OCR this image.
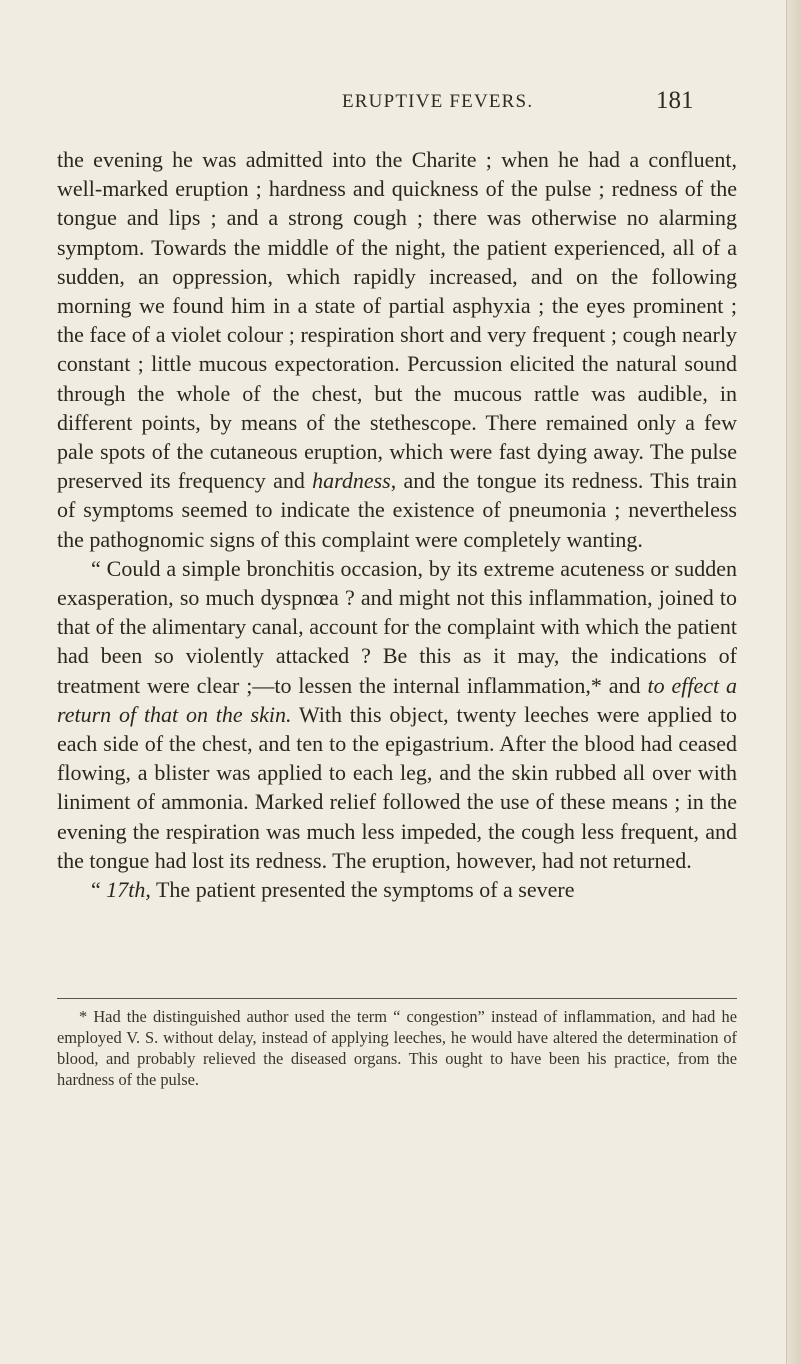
ERUPTIVE FEVERS.	181

the evening he was admitted into the Charite ; when he had a confluent, well-marked eruption ; hardness and quickness of the pulse ; redness of the tongue and lips ; and a strong cough ; there was otherwise no alarming symptom. Towards the middle of the night, the patient experienced, all of a sudden, an oppression, which rapidly increased, and on the following morning we found him in a state of partial asphyxia ; the eyes prominent ; the face of a violet colour ; respiration short and very frequent ; cough nearly constant ; little mucous expectoration. Percussion elicited the natural sound through the whole of the chest, but the mucous rattle was audible, in different points, by means of the stethescope. There remained only a few pale spots of the cutaneous eruption, which were fast dying away. The pulse preserved its frequency and hardness, and the tongue its redness. This train of symptoms seemed to indicate the existence of pneumonia ; nevertheless the pathognomic signs of this complaint were completely wanting.

“ Could a simple bronchitis occasion, by its extreme acuteness or sudden exasperation, so much dyspnœa ? and might not this inflammation, joined to that of the alimentary canal, account for the complaint with which the patient had been so violently attacked ? Be this as it may, the indications of treatment were clear ;—to lessen the internal inflammation,* and to effect a return of that on the skin. With this object, twenty leeches were applied to each side of the chest, and ten to the epigastrium. After the blood had ceased flowing, a blister was applied to each leg, and the skin rubbed all over with liniment of ammonia. Marked relief followed the use of these means ; in the evening the respiration was much less impeded, the cough less frequent, and the tongue had lost its redness. The eruption, however, had not returned.

“ 17th, The patient presented the symptoms of a severe

* Had the distinguished author used the term “ congestion” instead of inflammation, and had he employed V. S. without delay, instead of applying leeches, he would have altered the determination of blood, and probably relieved the diseased organs. This ought to have been his practice, from the hardness of the pulse.
